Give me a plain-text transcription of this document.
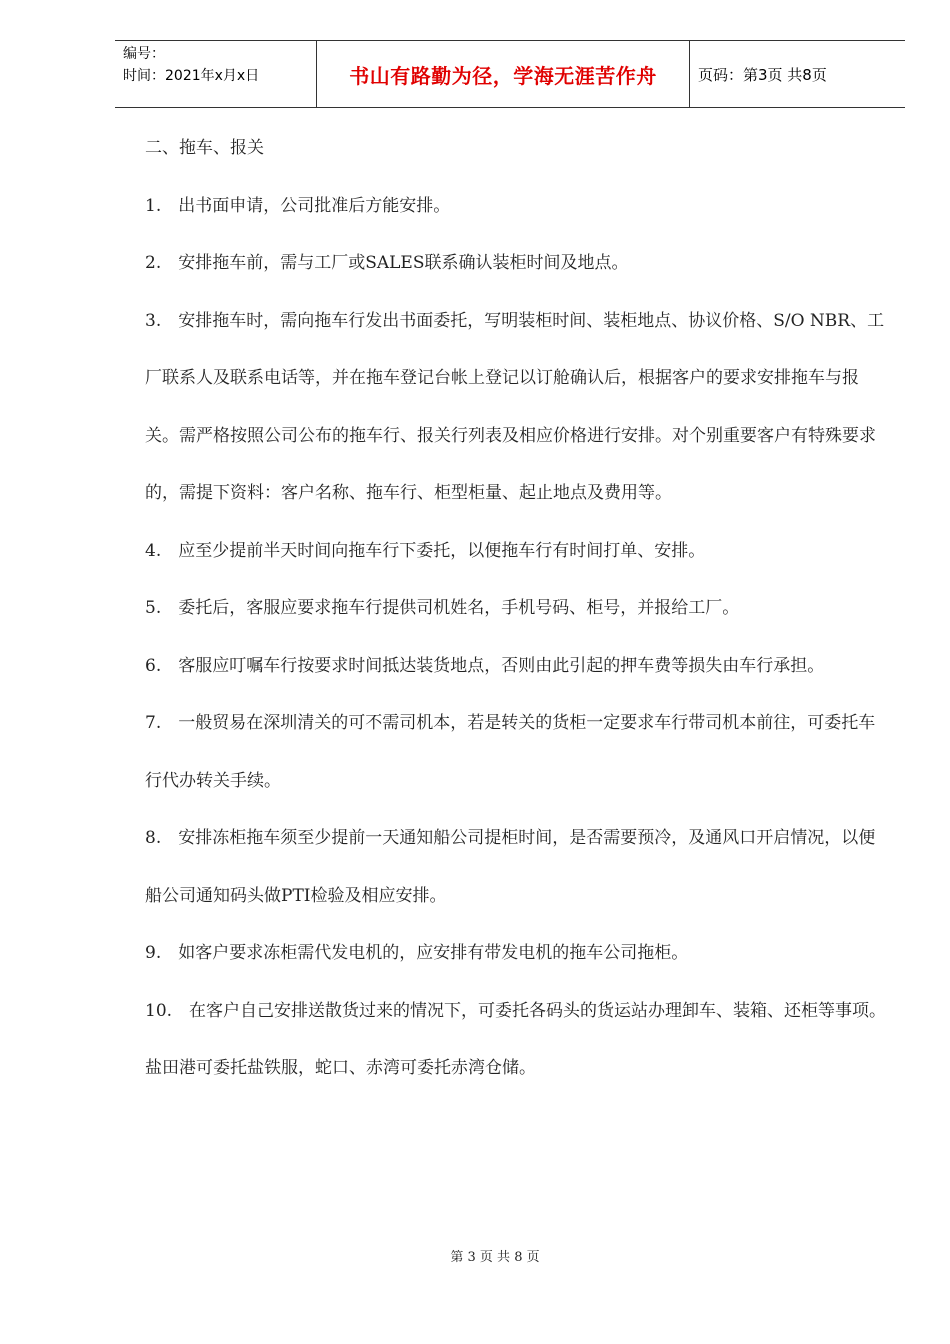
编号：
时间：2021年x月x日	书山有路勤为径，学海无涯苦作舟	页码：第3页 共8页

二、拖车、报关

1.　出书面申请，公司批准后方能安排。

2.　安排拖车前，需与工厂或SALES联系确认装柜时间及地点。

3.　安排拖车时，需向拖车行发出书面委托，写明装柜时间、装柜地点、协议价格、S/O NBR、工厂联系人及联系电话等，并在拖车登记台帐上登记以订舱确认后，根据客户的要求安排拖车与报关。需严格按照公司公布的拖车行、报关行列表及相应价格进行安排。对个别重要客户有特殊要求的，需提下资料：客户名称、拖车行、柜型柜量、起止地点及费用等。

4.　应至少提前半天时间向拖车行下委托，以便拖车行有时间打单、安排。

5.　委托后，客服应要求拖车行提供司机姓名，手机号码、柜号，并报给工厂。

6.　客服应叮嘱车行按要求时间抵达装货地点，否则由此引起的押车费等损失由车行承担。

7.　一般贸易在深圳清关的可不需司机本，若是转关的货柜一定要求车行带司机本前往，可委托车行代办转关手续。

8.　安排冻柜拖车须至少提前一天通知船公司提柜时间，是否需要预冷，及通风口开启情况，以便船公司通知码头做PTI检验及相应安排。

9.　如客户要求冻柜需代发电机的，应安排有带发电机的拖车公司拖柜。

10.　在客户自己安排送散货过来的情况下，可委托各码头的货运站办理卸车、装箱、还柜等事项。盐田港可委托盐铁服，蛇口、赤湾可委托赤湾仓储。

第 3 页 共 8 页
